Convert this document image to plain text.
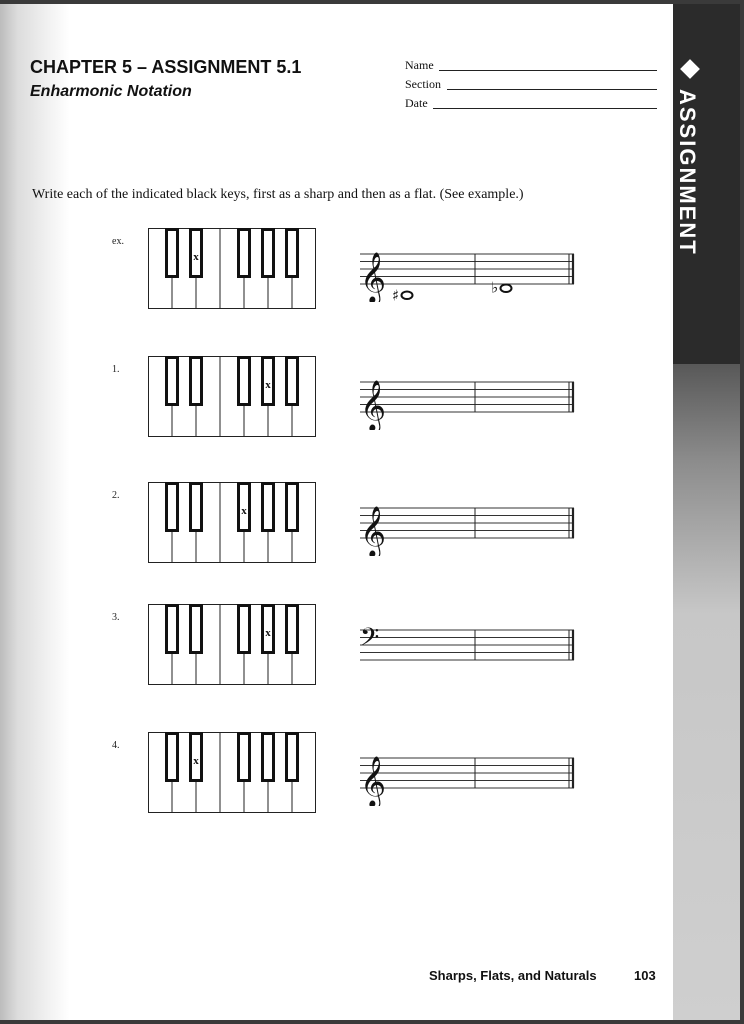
ASSIGNMENT
CHAPTER 5 – ASSIGNMENT 5.1
Enharmonic Notation
Name
Section
Date
Write each of the indicated black keys, first as a sharp and then as a flat. (See example.)
ex.
x	𝄞 ♯	♭
1.
x 𝄞
2.
x	𝄞
3.
x	𝄢
4.
x	𝄞
Sharps, Flats, and Naturals	103
